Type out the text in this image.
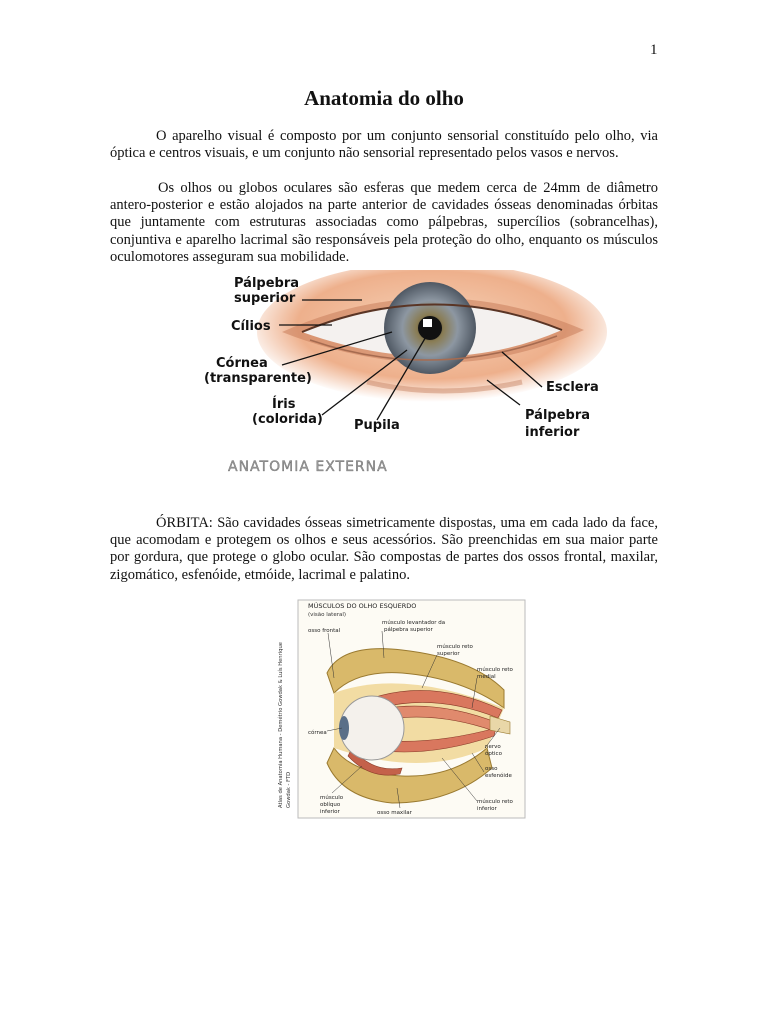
1
Anatomia do olho

O aparelho visual é composto por um conjunto sensorial constituído pelo olho, via óptica e centros visuais, e um conjunto não sensorial representado pelos vasos e nervos.

Os olhos ou globos oculares são esferas que medem cerca de 24mm de diâmetro antero-posterior e estão alojados na parte anterior de cavidades ósseas denominadas órbitas que juntamente com estruturas associadas como pálpebras, supercílios (sobrancelhas), conjuntiva e aparelho lacrimal são responsáveis pela proteção do olho, enquanto os músculos oculomotores asseguram sua mobilidade.

Pálpebra
superior
Cílios
Córnea
(transparente)
Íris
(colorida) Pupila
Esclera
Pálpebra
inferior
ANATOMIA EXTERNA

ÓRBITA: São cavidades ósseas simetricamente dispostas, uma em cada lado da face, que acomodam e protegem os olhos e seus acessórios. São preenchidas em sua maior parte por gordura, que protege o globo ocular. São compostas de partes dos ossos frontal, maxilar, zigomático, esfenóide, etmóide, lacrimal e palatino.

MÚSCULOS DO OLHO ESQUERDO
(visão lateral)
Atlas de Anatomia Humana - Demétrio Gowdak & Luís Henrique Gowdak - FTD
osso frontal
músculo levantador da
pálpebra superior
músculo reto
superior
músculo reto
medial
córnea
nervo
óptico
osso
esfenóide
músculo reto
inferior
músculo
oblíquo
inferior	osso maxilar
